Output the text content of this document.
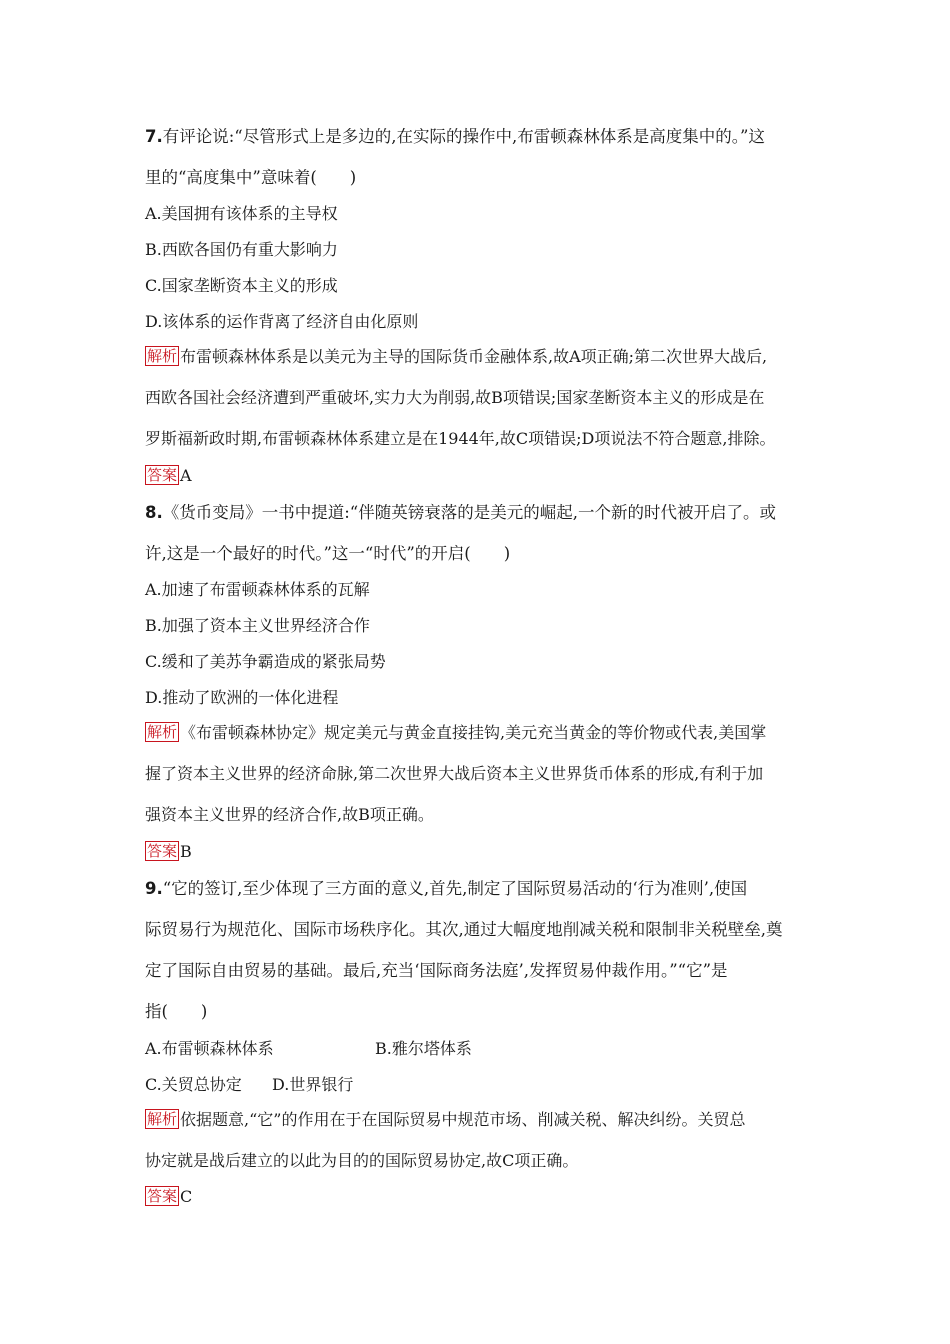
7.有评论说:“尽管形式上是多边的,在实际的操作中,布雷顿森林体系是高度集中的。”这
里的“高度集中”意味着(　　)
A.美国拥有该体系的主导权
B.西欧各国仍有重大影响力
C.国家垄断资本主义的形成
D.该体系的运作背离了经济自由化原则
解析 布雷顿森林体系是以美元为主导的国际货币金融体系,故A项正确;第二次世界大战后,
西欧各国社会经济遭到严重破坏,实力大为削弱,故B项错误;国家垄断资本主义的形成是在
罗斯福新政时期,布雷顿森林体系建立是在1944年,故C项错误;D项说法不符合题意,排除。
答案 A
8.《货币变局》一书中提道:“伴随英镑衰落的是美元的崛起,一个新的时代被开启了。或
许,这是一个最好的时代。”这一“时代”的开启(　　)
A.加速了布雷顿森林体系的瓦解
B.加强了资本主义世界经济合作
C.缓和了美苏争霸造成的紧张局势
D.推动了欧洲的一体化进程
解析 《布雷顿森林协定》规定美元与黄金直接挂钩,美元充当黄金的等价物或代表,美国掌
握了资本主义世界的经济命脉,第二次世界大战后资本主义世界货币体系的形成,有利于加
强资本主义世界的经济合作,故B项正确。
答案 B
9.“它的签订,至少体现了三方面的意义,首先,制定了国际贸易活动的‘行为准则’,使国
际贸易行为规范化、国际市场秩序化。其次,通过大幅度地削减关税和限制非关税壁垒,奠
定了国际自由贸易的基础。最后,充当‘国际商务法庭’,发挥贸易仲裁作用。”“它”是
指(　　)
A.布雷顿森林体系	B.雅尔塔体系
C.关贸总协定 D.世界银行
解析 依据题意,“它”的作用在于在国际贸易中规范市场、削减关税、解决纠纷。关贸总
协定就是战后建立的以此为目的的国际贸易协定,故C项正确。
答案 C
